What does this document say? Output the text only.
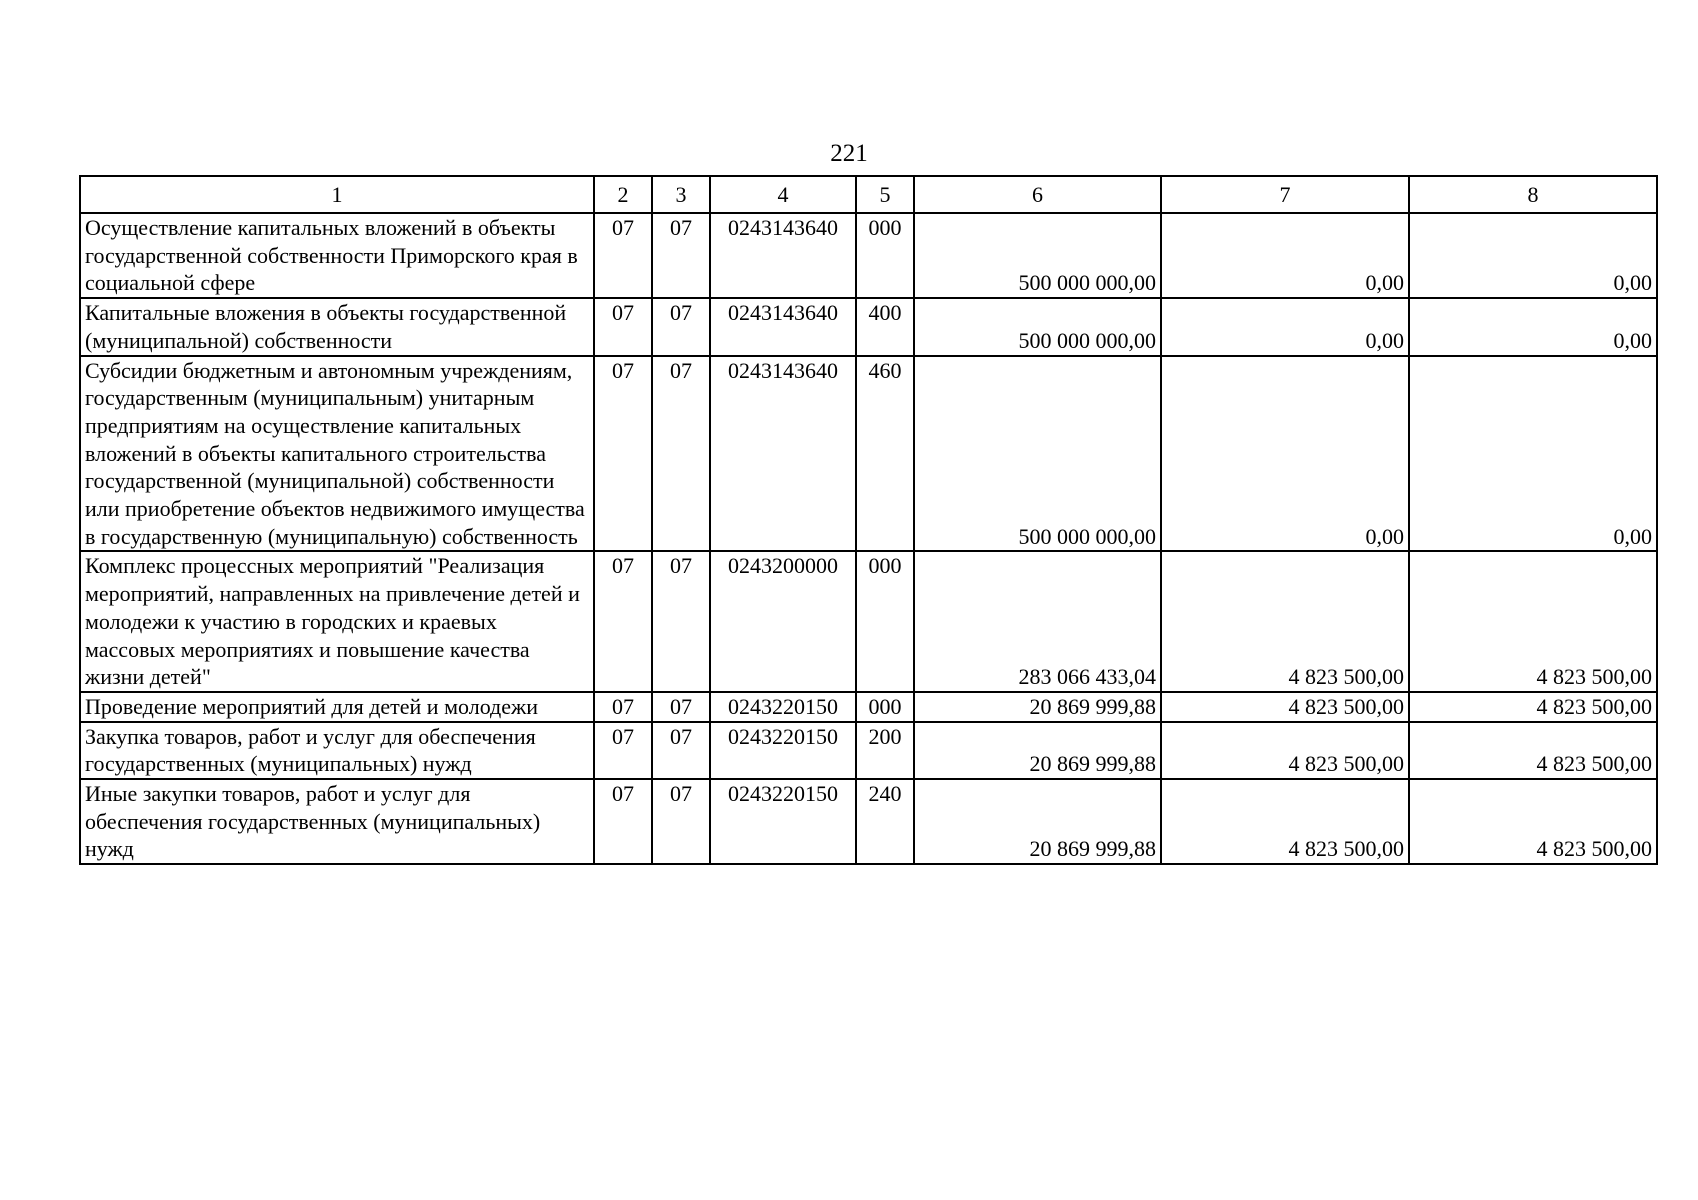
221
1	2	3	4	5	6	7	8
Осуществление капитальных вложений в объекты государственной собственности Приморского края в социальной сфере	07	07	0243143640	000	500 000 000,00	0,00	0,00
Капитальные вложения в объекты государственной (муниципальной) собственности	07	07	0243143640	400	500 000 000,00	0,00	0,00
Субсидии бюджетным и автономным учреждениям, государственным (муниципальным) унитарным предприятиям на осуществление капитальных вложений в объекты капитального строительства государственной (муниципальной) собственности или приобретение объектов недвижимого имущества в государственную (муниципальную) собственность	07	07	0243143640	460	500 000 000,00	0,00	0,00
Комплекс процессных мероприятий "Реализация мероприятий, направленных на привлечение детей и молодежи к участию в городских и краевых массовых мероприятиях и повышение качества жизни детей"	07	07	0243200000	000	283 066 433,04	4 823 500,00	4 823 500,00
Проведение мероприятий для детей и молодежи	07	07	0243220150	000	20 869 999,88	4 823 500,00	4 823 500,00
Закупка товаров, работ и услуг для обеспечения государственных (муниципальных) нужд	07	07	0243220150	200	20 869 999,88	4 823 500,00	4 823 500,00
Иные закупки товаров, работ и услуг для обеспечения государственных (муниципальных) нужд	07	07	0243220150	240	20 869 999,88	4 823 500,00	4 823 500,00
